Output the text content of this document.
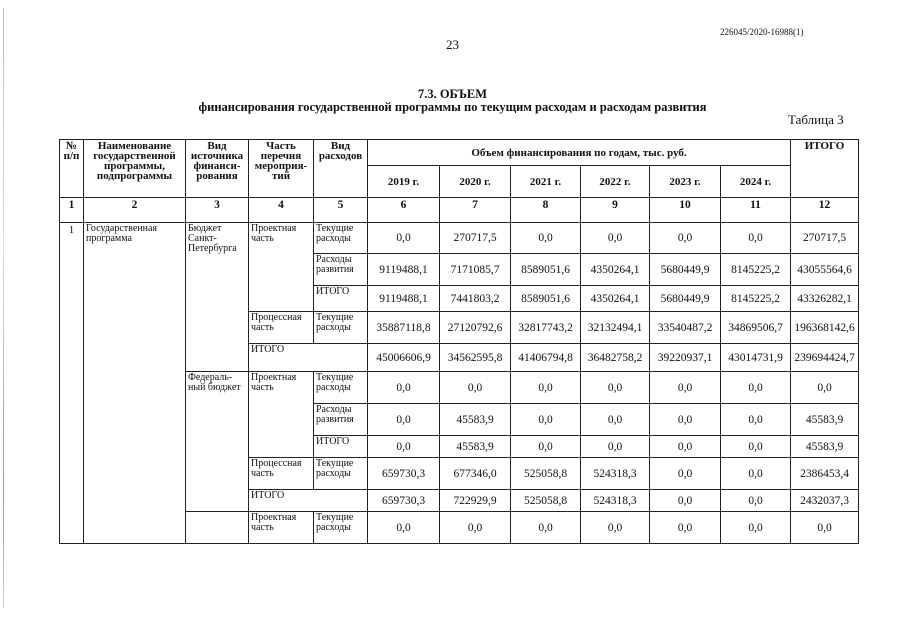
226045/2020-16988(1)
23
7.3. ОБЪЕМ
финансирования государственной программы по текущим расходам и расходам развития
Таблица 3
№ п/п	Наименование государственной программы, подпрограммы	Вид источника финанси-рования	Часть перечня мероприя-тий	Вид расходов	Объем финансирования по годам, тыс. руб.						ИТОГО
					2019 г.	2020 г.	2021 г.	2022 г.	2023 г.	2024 г.	
1	2	3	4	5	6	7	8	9	10	11	12
1	Государственная программа	Бюджет Санкт-Петербурга	Проектная часть	Текущие расходы	0,0	270717,5	0,0	0,0	0,0	0,0	270717,5
				Расходы развития	9119488,1	7171085,7	8589051,6	4350264,1	5680449,9	8145225,2	43055564,6
				ИТОГО	9119488,1	7441803,2	8589051,6	4350264,1	5680449,9	8145225,2	43326282,1
			Процессная часть	Текущие расходы	35887118,8	27120792,6	32817743,2	32132494,1	33540487,2	34869506,7	196368142,6
			ИТОГО		45006606,9	34562595,8	41406794,8	36482758,2	39220937,1	43014731,9	239694424,7
		Федераль-ный бюджет	Проектная часть	Текущие расходы	0,0	0,0	0,0	0,0	0,0	0,0	0,0
				Расходы развития	0,0	45583,9	0,0	0,0	0,0	0,0	45583,9
				ИТОГО	0,0	45583,9	0,0	0,0	0,0	0,0	45583,9
			Процессная часть	Текущие расходы	659730,3	677346,0	525058,8	524318,3	0,0	0,0	2386453,4
			ИТОГО		659730,3	722929,9	525058,8	524318,3	0,0	0,0	2432037,3
			Проектная часть	Текущие расходы	0,0	0,0	0,0	0,0	0,0	0,0	0,0
